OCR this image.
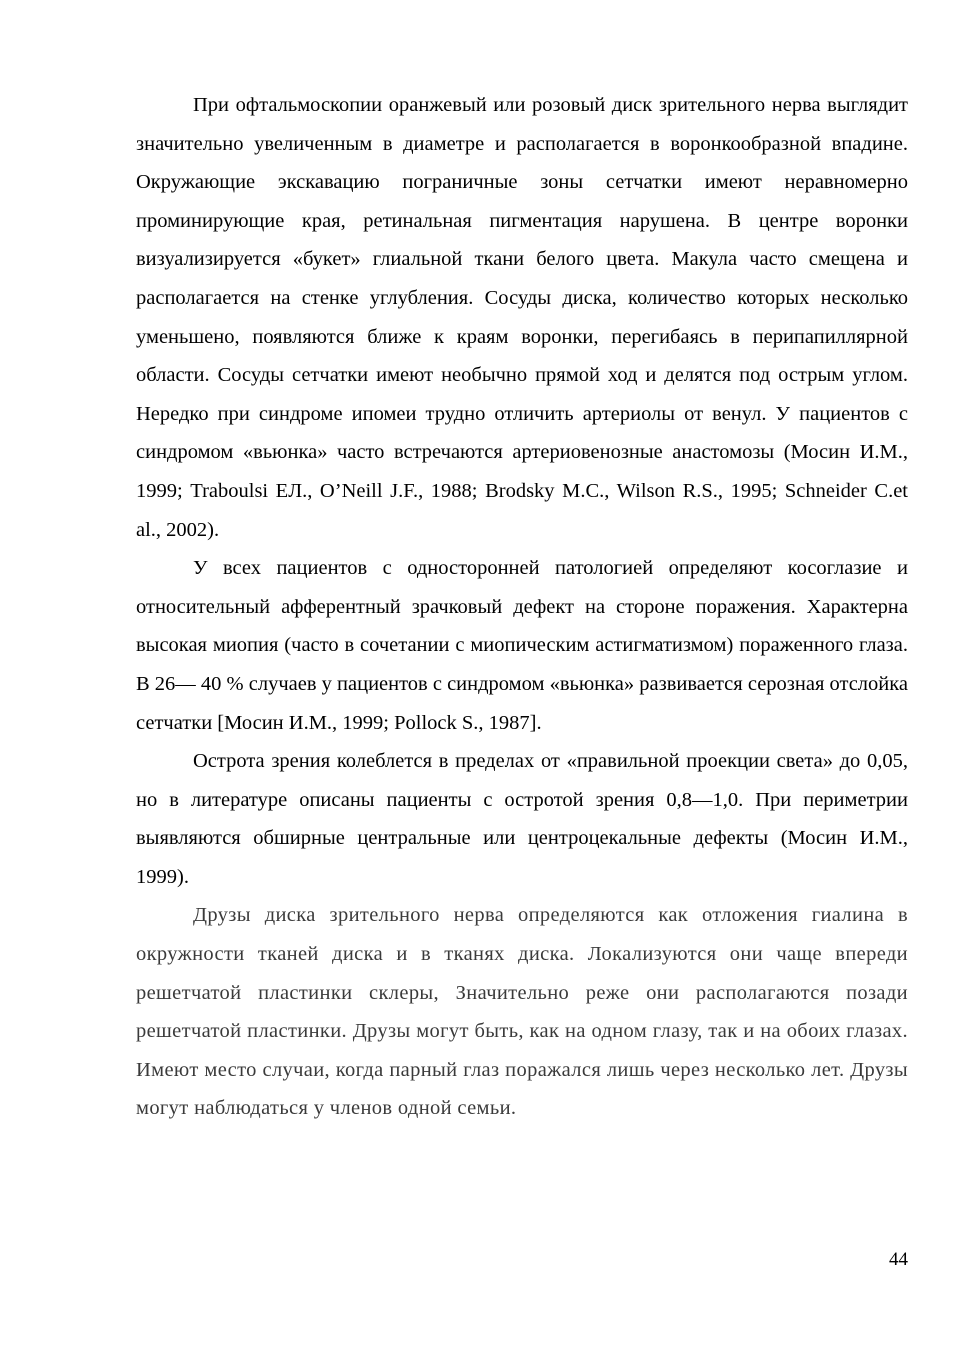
При офтальмоскопии оранжевый или розовый диск зрительного нерва выглядит значительно увеличенным в диаметре и располагается в воронкообразной впадине. Окружающие экскавацию пограничные зоны сетчатки имеют неравномерно проминирующие края, ретинальная пигментация нарушена. В центре воронки визуализируется «букет» глиальной ткани белого цвета. Макула часто смещена и располагается на стенке углубления. Сосуды диска, количество которых несколько уменьшено, появляются ближе к краям воронки, перегибаясь в перипапиллярной области. Сосуды сетчатки имеют необычно прямой ход и делятся под острым углом. Нередко при синдроме ипомеи трудно отличить артериолы от венул. У пациентов с синдромом «вьюнка» часто встречаются артериовенозные анастомозы (Мосин И.М., 1999; Traboulsi EЛ., O’Neill J.F., 1988; Brodsky M.C., Wilson R.S., 1995; Schneider C.et al., 2002).

У всех пациентов с односторонней патологией определяют косоглазие и относительный афферентный зрачковый дефект на стороне поражения. Характерна высокая миопия (часто в сочетании с миопическим астигматизмом) пораженного глаза. В 26— 40 % случаев у пациентов с синдромом «вьюнка» развивается серозная отслойка сетчатки [Мосин И.М., 1999; Pollock S., 1987].

Острота зрения колеблется в пределах от «правильной проекции света» до 0,05, но в литературе описаны пациенты с остротой зрения 0,8—1,0. При периметрии выявляются обширные центральные или центроцекальные дефекты (Мосин И.М., 1999).

Друзы диска зрительного нерва определяются как отложения гиалина в окружности тканей диска и в тканях диска. Локализуются они чаще впереди решетчатой пластинки склеры, Значительно реже они располагаются позади решетчатой пластинки. Друзы могут быть, как на одном глазу, так и на обоих глазах. Имеют место случаи, когда парный глаз поражался лишь через несколько лет. Друзы могут наблюдаться у членов одной семьи.

44
